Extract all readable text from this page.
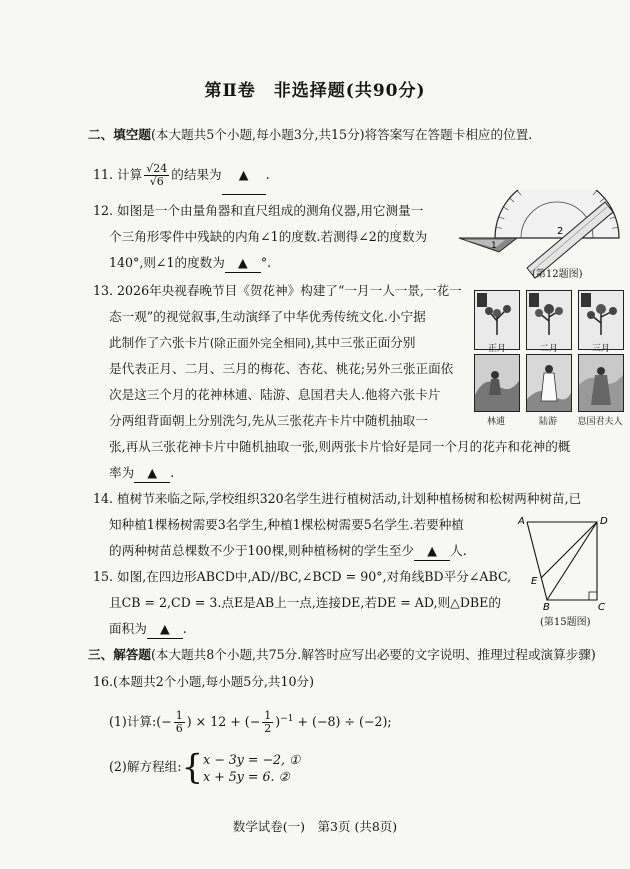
第Ⅱ卷　非选择题(共90分)
二、填空题(本大题共5个小题,每小题3分,共15分)将答案写在答题卡相应的位置.
11. 计算 $\frac{√24}{√6}$ 的结果为 ▲ .
12. 如图是一个由量角器和直尺组成的测角仪器,用它测量一
个三角形零件中残缺的内角∠1的度数.若测得∠2的度数为
140°,则∠1的度数为 ▲ °.
2
1
(第12题图)
13. 2026年央视春晚节目《贺花神》构建了“一月一人一景,一花一
态一观”的视觉叙事,生动演绎了中华优秀传统文化.小宁据
此制作了六张卡片(除正面外完全相同),其中三张正面分别
是代表正月、二月、三月的梅花、杏花、桃花;另外三张正面依
次是这三个月的花神林逋、陆游、息国君夫人.他将六张卡片
分两组背面朝上分别洗匀,先从三张花卉卡片中随机抽取一
张,再从三张花神卡片中随机抽取一张,则两张卡片恰好是同一个月的花卉和花神的概
率为 ▲ .
正月	二月	三月
林逋	陆游	息国君夫人
14. 植树节来临之际,学校组织320名学生进行植树活动,计划种植杨树和松树两种树苗,已
知种植1棵杨树需要3名学生,种植1棵松树需要5名学生.若要种植
的两种树苗总棵数不少于100棵,则种植杨树的学生至少 ▲ 人.
15. 如图,在四边形ABCD中,AD//BC,∠BCD = 90°,对角线BD平分∠ABC,
且CB = 2,CD = 3.点E是AB上一点,连接DE,若DE = AD,则△DBE的
面积为 ▲ .
A	D
E
B	C
(第15题图)
三、解答题(本大题共8个小题,共75分.解答时应写出必要的文字说明、推理过程或演算步骤)
16.(本题共2个小题,每小题5分,共10分)
(1)计算:(− $\frac{1}{6}$ ) × 12 + (− $\frac{1}{2} )^{-1} + (-8) \div (-2)$;
(2)解方程组:{ x − 3y = −2, ①
x + 5y = 6. ②
数学试卷(一)　第3页 (共8页)
